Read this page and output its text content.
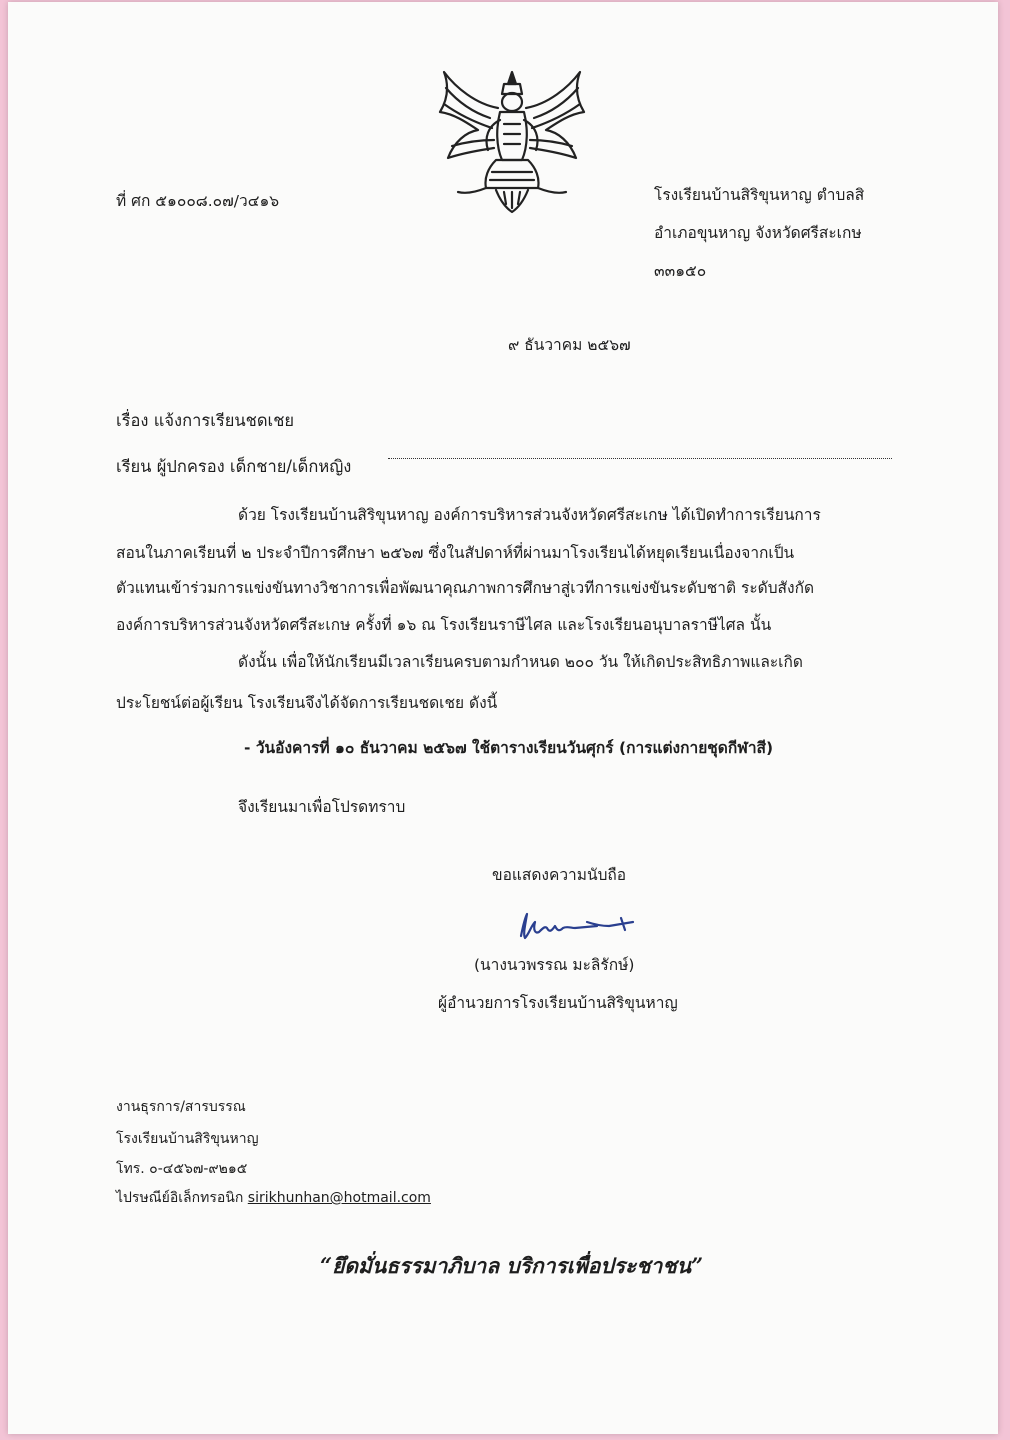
ที่ ศก ๕๑๐๐๘.๐๗/ว๔๑๖	โรงเรียนบ้านสิริขุนหาญ ตำบลสิ
อำเภอขุนหาญ จังหวัดศรีสะเกษ
๓๓๑๕๐
๙ ธันวาคม ๒๕๖๗
เรื่อง แจ้งการเรียนชดเชย
เรียน ผู้ปกครอง เด็กชาย/เด็กหญิง
ด้วย โรงเรียนบ้านสิริขุนหาญ องค์การบริหารส่วนจังหวัดศรีสะเกษ ได้เปิดทำการเรียนการ
สอนในภาคเรียนที่ ๒ ประจำปีการศึกษา ๒๕๖๗ ซึ่งในสัปดาห์ที่ผ่านมาโรงเรียนได้หยุดเรียนเนื่องจากเป็น
ตัวแทนเข้าร่วมการแข่งขันทางวิชาการเพื่อพัฒนาคุณภาพการศึกษาสู่เวทีการแข่งขันระดับชาติ ระดับสังกัด
องค์การบริหารส่วนจังหวัดศรีสะเกษ ครั้งที่ ๑๖ ณ โรงเรียนราษีไศล และโรงเรียนอนุบาลราษีไศล นั้น
ดังนั้น เพื่อให้นักเรียนมีเวลาเรียนครบตามกำหนด ๒๐๐ วัน ให้เกิดประสิทธิภาพและเกิด
ประโยชน์ต่อผู้เรียน โรงเรียนจึงได้จัดการเรียนชดเชย ดังนี้
- วันอังคารที่ ๑๐ ธันวาคม ๒๕๖๗ ใช้ตารางเรียนวันศุกร์ (การแต่งกายชุดกีฬาสี)
จึงเรียนมาเพื่อโปรดทราบ
ขอแสดงความนับถือ
(นางนวพรรณ มะลิรักษ์)
ผู้อำนวยการโรงเรียนบ้านสิริขุนหาญ
งานธุรการ/สารบรรณ
โรงเรียนบ้านสิริขุนหาญ
โทร. ๐-๔๕๖๗-๙๒๑๕
ไปรษณีย์อิเล็กทรอนิก sirikhunhan@hotmail.com
“ยึดมั่นธรรมาภิบาล บริการเพื่อประชาชน”
